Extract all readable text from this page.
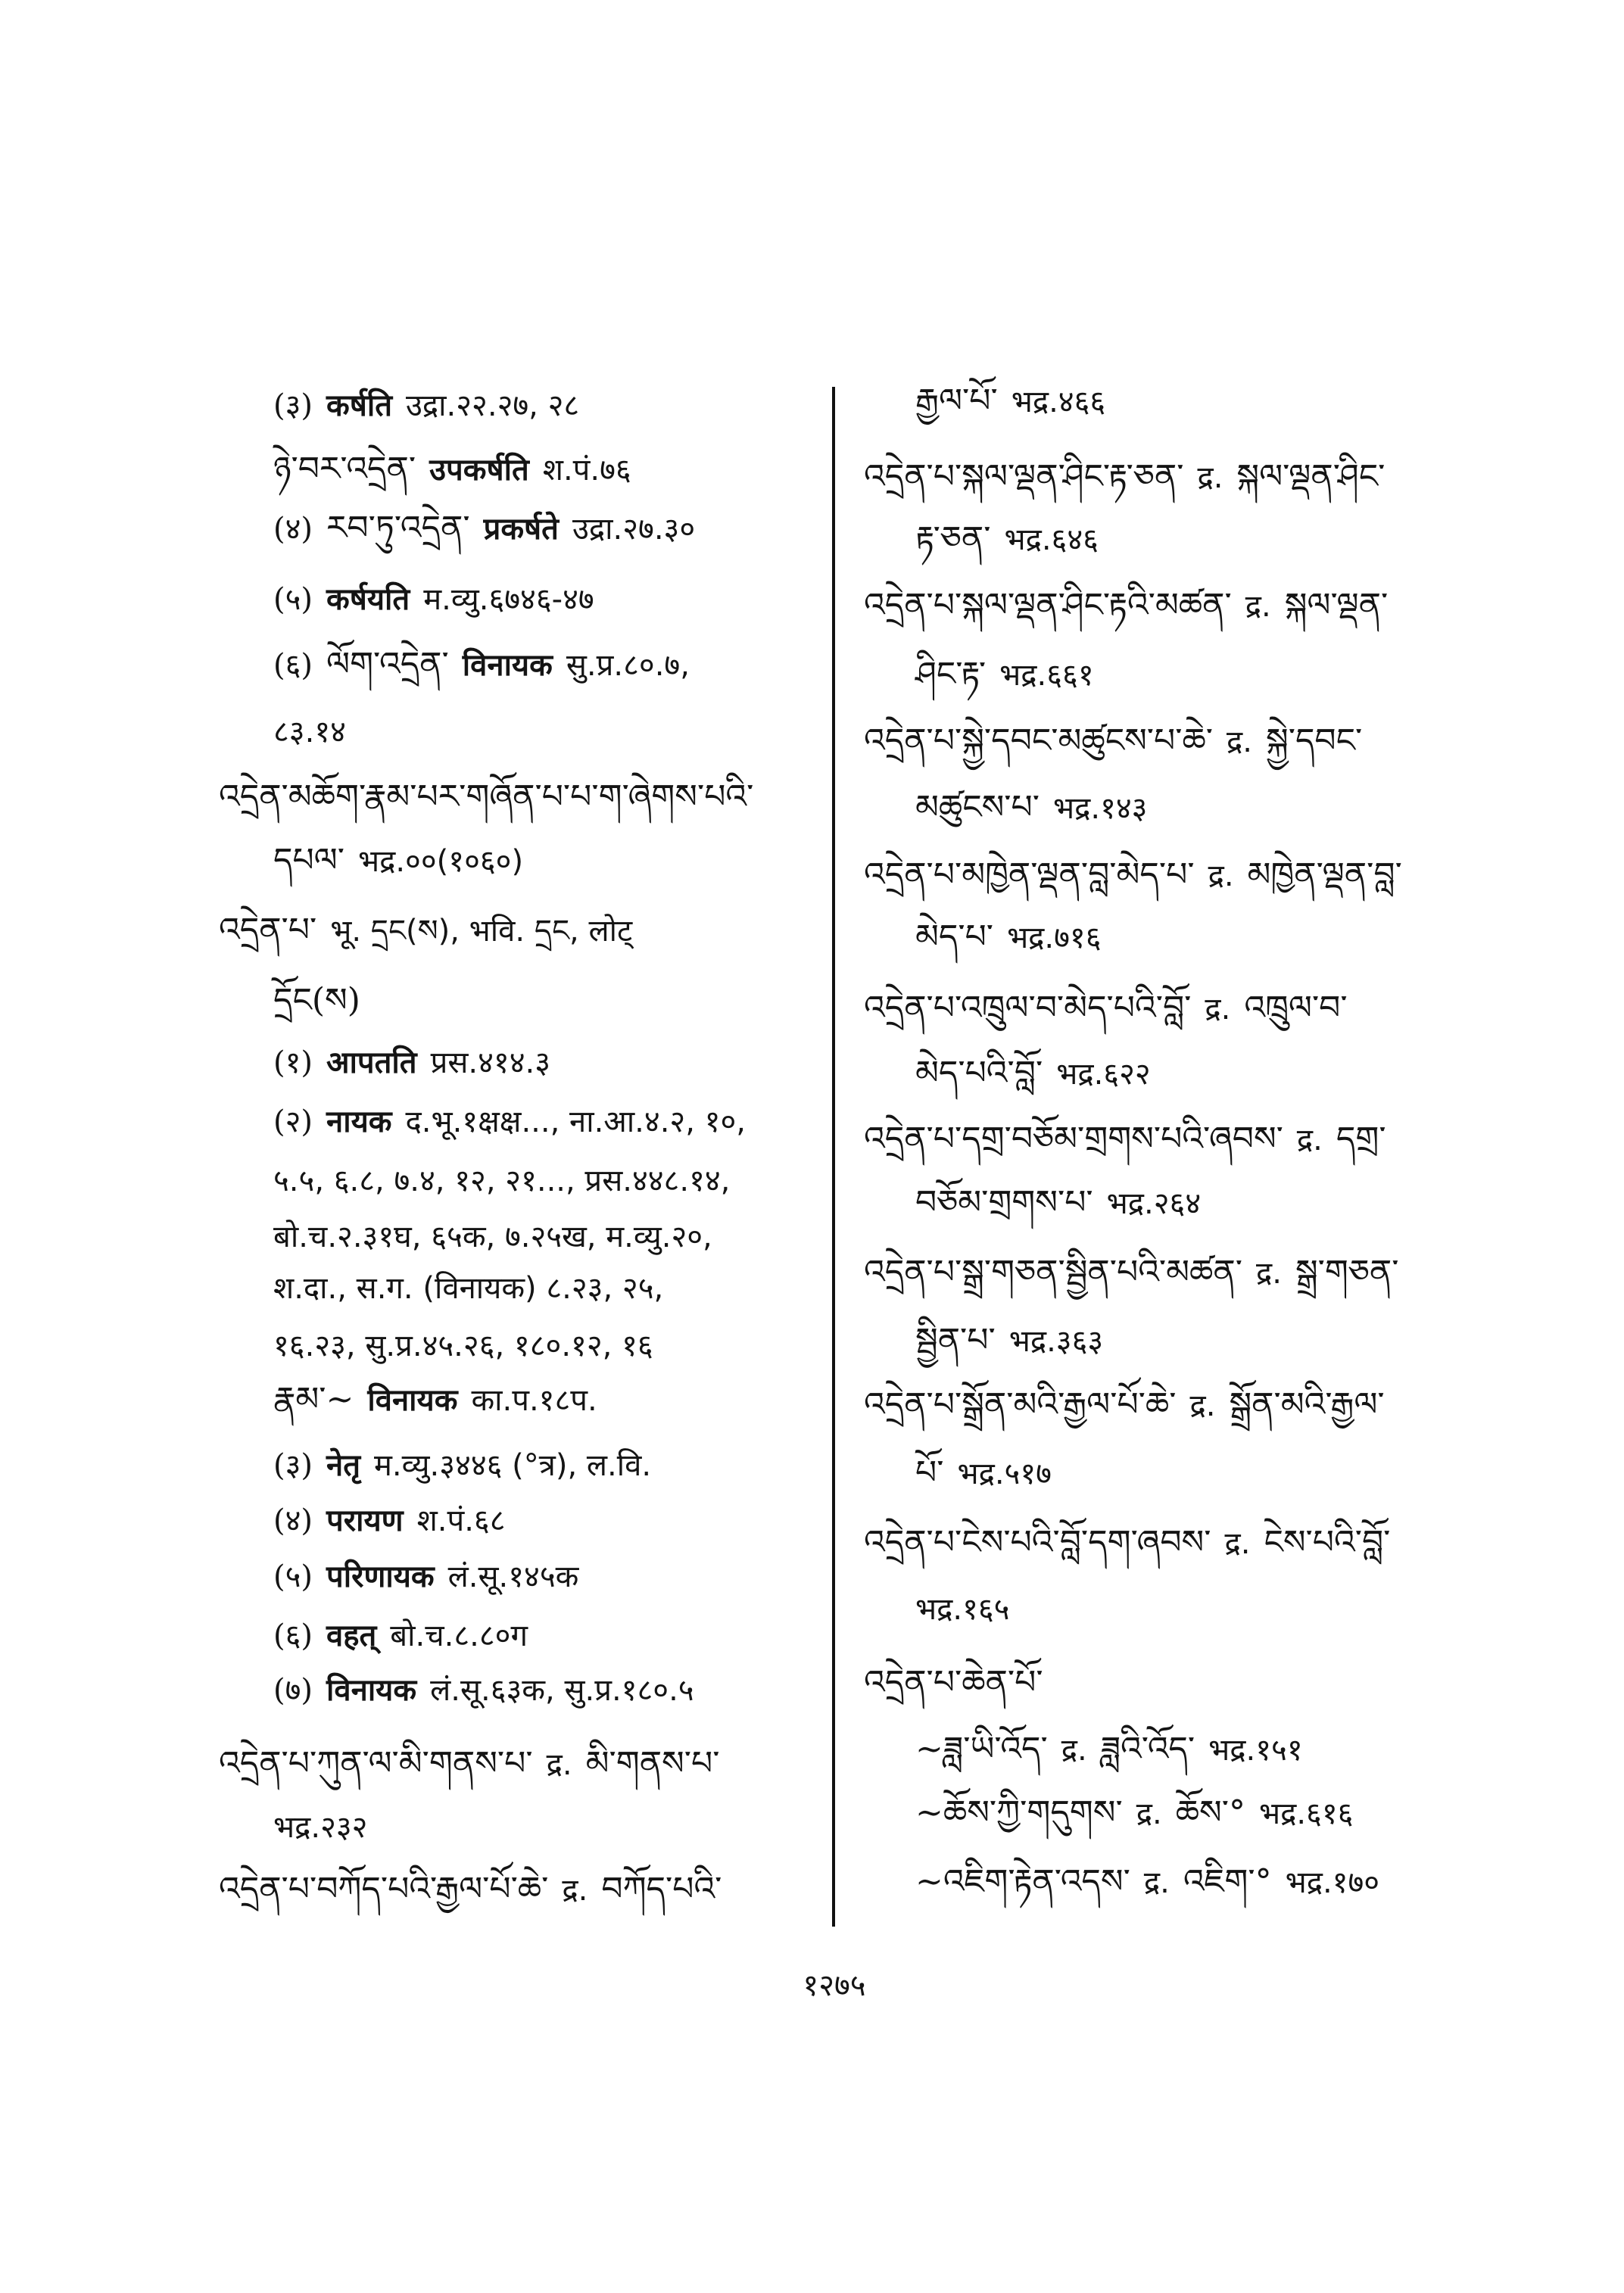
(३) कर्षति उद्रा.२२.२७, २८
ཉེ་བར་འདྲེན་ उपकर्षति श.पं.७६
(४) རབ་ཏུ་འདྲེན་ प्रकर्षते उद्रा.२७.३०
(५) कर्षयति म.व्यु.६७४६-४७
(६) ལོག་འདྲེན་ विनायक सु.प्र.८०.७,
८३.१४
འདྲེན་མཆོག་རྣམ་པར་གཞོན་པ་པ་ག་ཞེགས་པའི་
དཔལ་ भद्र.००(१०६०)
འདྲེན་པ་ भू. དྲང(ས), भवि. དྲང, लोट्
དྲོང(ས)
(१) आपतति प्रस.४१४.३
(२) नायक द.भू.१क्षक्ष..., ना.आ.४.२, १०,
५.५, ६.८, ७.४, १२, २१..., प्रस.४४८.१४,
बो.च.२.३१घ, ६५क, ७.२५ख, म.व्यु.२०,
श.दा., स.ग. (विनायक) ८.२३, २५,
१६.२३, सु.प्र.४५.२६, १८०.१२, १६
རྣམ་~ विनायक का.प.१८प.
(३) नेतृ म.व्यु.३४४६ (°त्र), ल.वि.
(४) परायण श.पं.६८
(५) परिणायक लं.सू.१४५क
(६) वहत् बो.च.८.८०ग
(७) विनायक लं.सू.६३क, सु.प्र.१८०.५
འདྲེན་པ་ཀུན་ལ་མི་གནས་པ་ द्र. མི་གནས་པ་
भद्र.२३२
འདྲེན་པ་བཀོད་པའི་རྒྱལ་པོ་ཆེ་ द्र. བཀོད་པའི་
རྒྱལ་པོ་ भद्र.४६६
འདྲེན་པ་སྐལ་ལྡན་ཤིང་རྟ་ཅན་ द्र. སྐལ་ལྡན་ཤིང་
རྟ་ཅན་ भद्र.६४६
འདྲེན་པ་སྐལ་ལྡན་ཤིང་རྟའི་མཚན་ द्र. སྐལ་ལྡན་
ཤིང་རྟ་ भद्र.६६१
འདྲེན་པ་སྐྱེ་དབང་མཚུངས་པ་ཆེ་ द्र. སྐྱེ་དབང་
མཚུངས་པ་ भद्र.१४३
འདྲེན་པ་མཁྱེན་ལྡན་བླ་མེད་པ་ द्र. མཁྱེན་ལྡན་བླ་
མེད་པ་ भद्र.७१६
འདྲེན་པ་འཁྲུལ་བ་མེད་པའི་བློ་ द्र. འཁྲུལ་བ་
མེད་པའི་བློ་ भद्र.६२२
འདྲེན་པ་དགྲ་བཅོམ་གྲགས་པའི་ཞབས་ द्र. དགྲ་
བཅོམ་གྲགས་པ་ भद्र.२६४
འདྲེན་པ་སྒྲ་གཅན་སྦྱིན་པའི་མཚན་ द्र. སྒྲ་གཅན་
སྦྱིན་པ་ भद्र.३६३
འདྲེན་པ་སྒྲོན་མའི་རྒྱལ་པོ་ཆེ་ द्र. སྒྲོན་མའི་རྒྱལ་
པོ་ भद्र.५१७
འདྲེན་པ་ངེས་པའི་བློ་དག་ཞབས་ द्र. ངེས་པའི་བློ་
भद्र.१६५
འདྲེན་པ་ཆེན་པོ་
~ཟླ་ཡི་འོད་ द्र. ཟླའི་འོད་ भद्र.१५१
~ཆོས་ཀྱི་གདུགས་ द्र. ཆོས་° भद्र.६१६
~འཇིག་རྟེན་འདས་ द्र. འཇིག་° भद्र.१७०
१२७५
